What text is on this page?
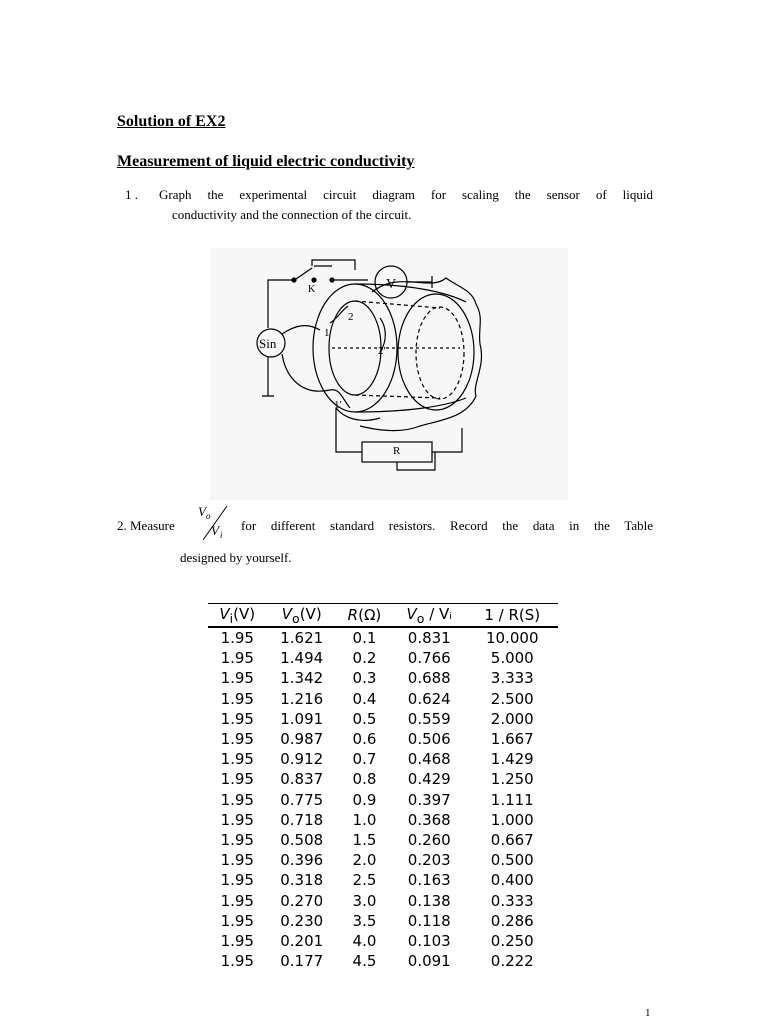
Solution of EX2
Measurement of liquid electric conductivity
1 . Graph the experimental circuit diagram for scaling the sensor of liquid
conductivity and the connection of the circuit.
K	V
Sin
R
1
2
2'
1'
2. Measure
V o
V i
for different standard resistors. Record the data in the Table
designed by yourself.
$V_i(V)$	$V_o(V)$	R(Ω)	$V_o$ / Vᵢ	1 / R(S)
1.95	1.621	0.1	0.831	10.000
1.95	1.494	0.2	0.766	5.000
1.95	1.342	0.3	0.688	3.333
1.95	1.216	0.4	0.624	2.500
1.95	1.091	0.5	0.559	2.000
1.95	0.987	0.6	0.506	1.667
1.95	0.912	0.7	0.468	1.429
1.95	0.837	0.8	0.429	1.250
1.95	0.775	0.9	0.397	1.111
1.95	0.718	1.0	0.368	1.000
1.95	0.508	1.5	0.260	0.667
1.95	0.396	2.0	0.203	0.500
1.95	0.318	2.5	0.163	0.400
1.95	0.270	3.0	0.138	0.333
1.95	0.230	3.5	0.118	0.286
1.95	0.201	4.0	0.103	0.250
1.95	0.177	4.5	0.091	0.222
1
